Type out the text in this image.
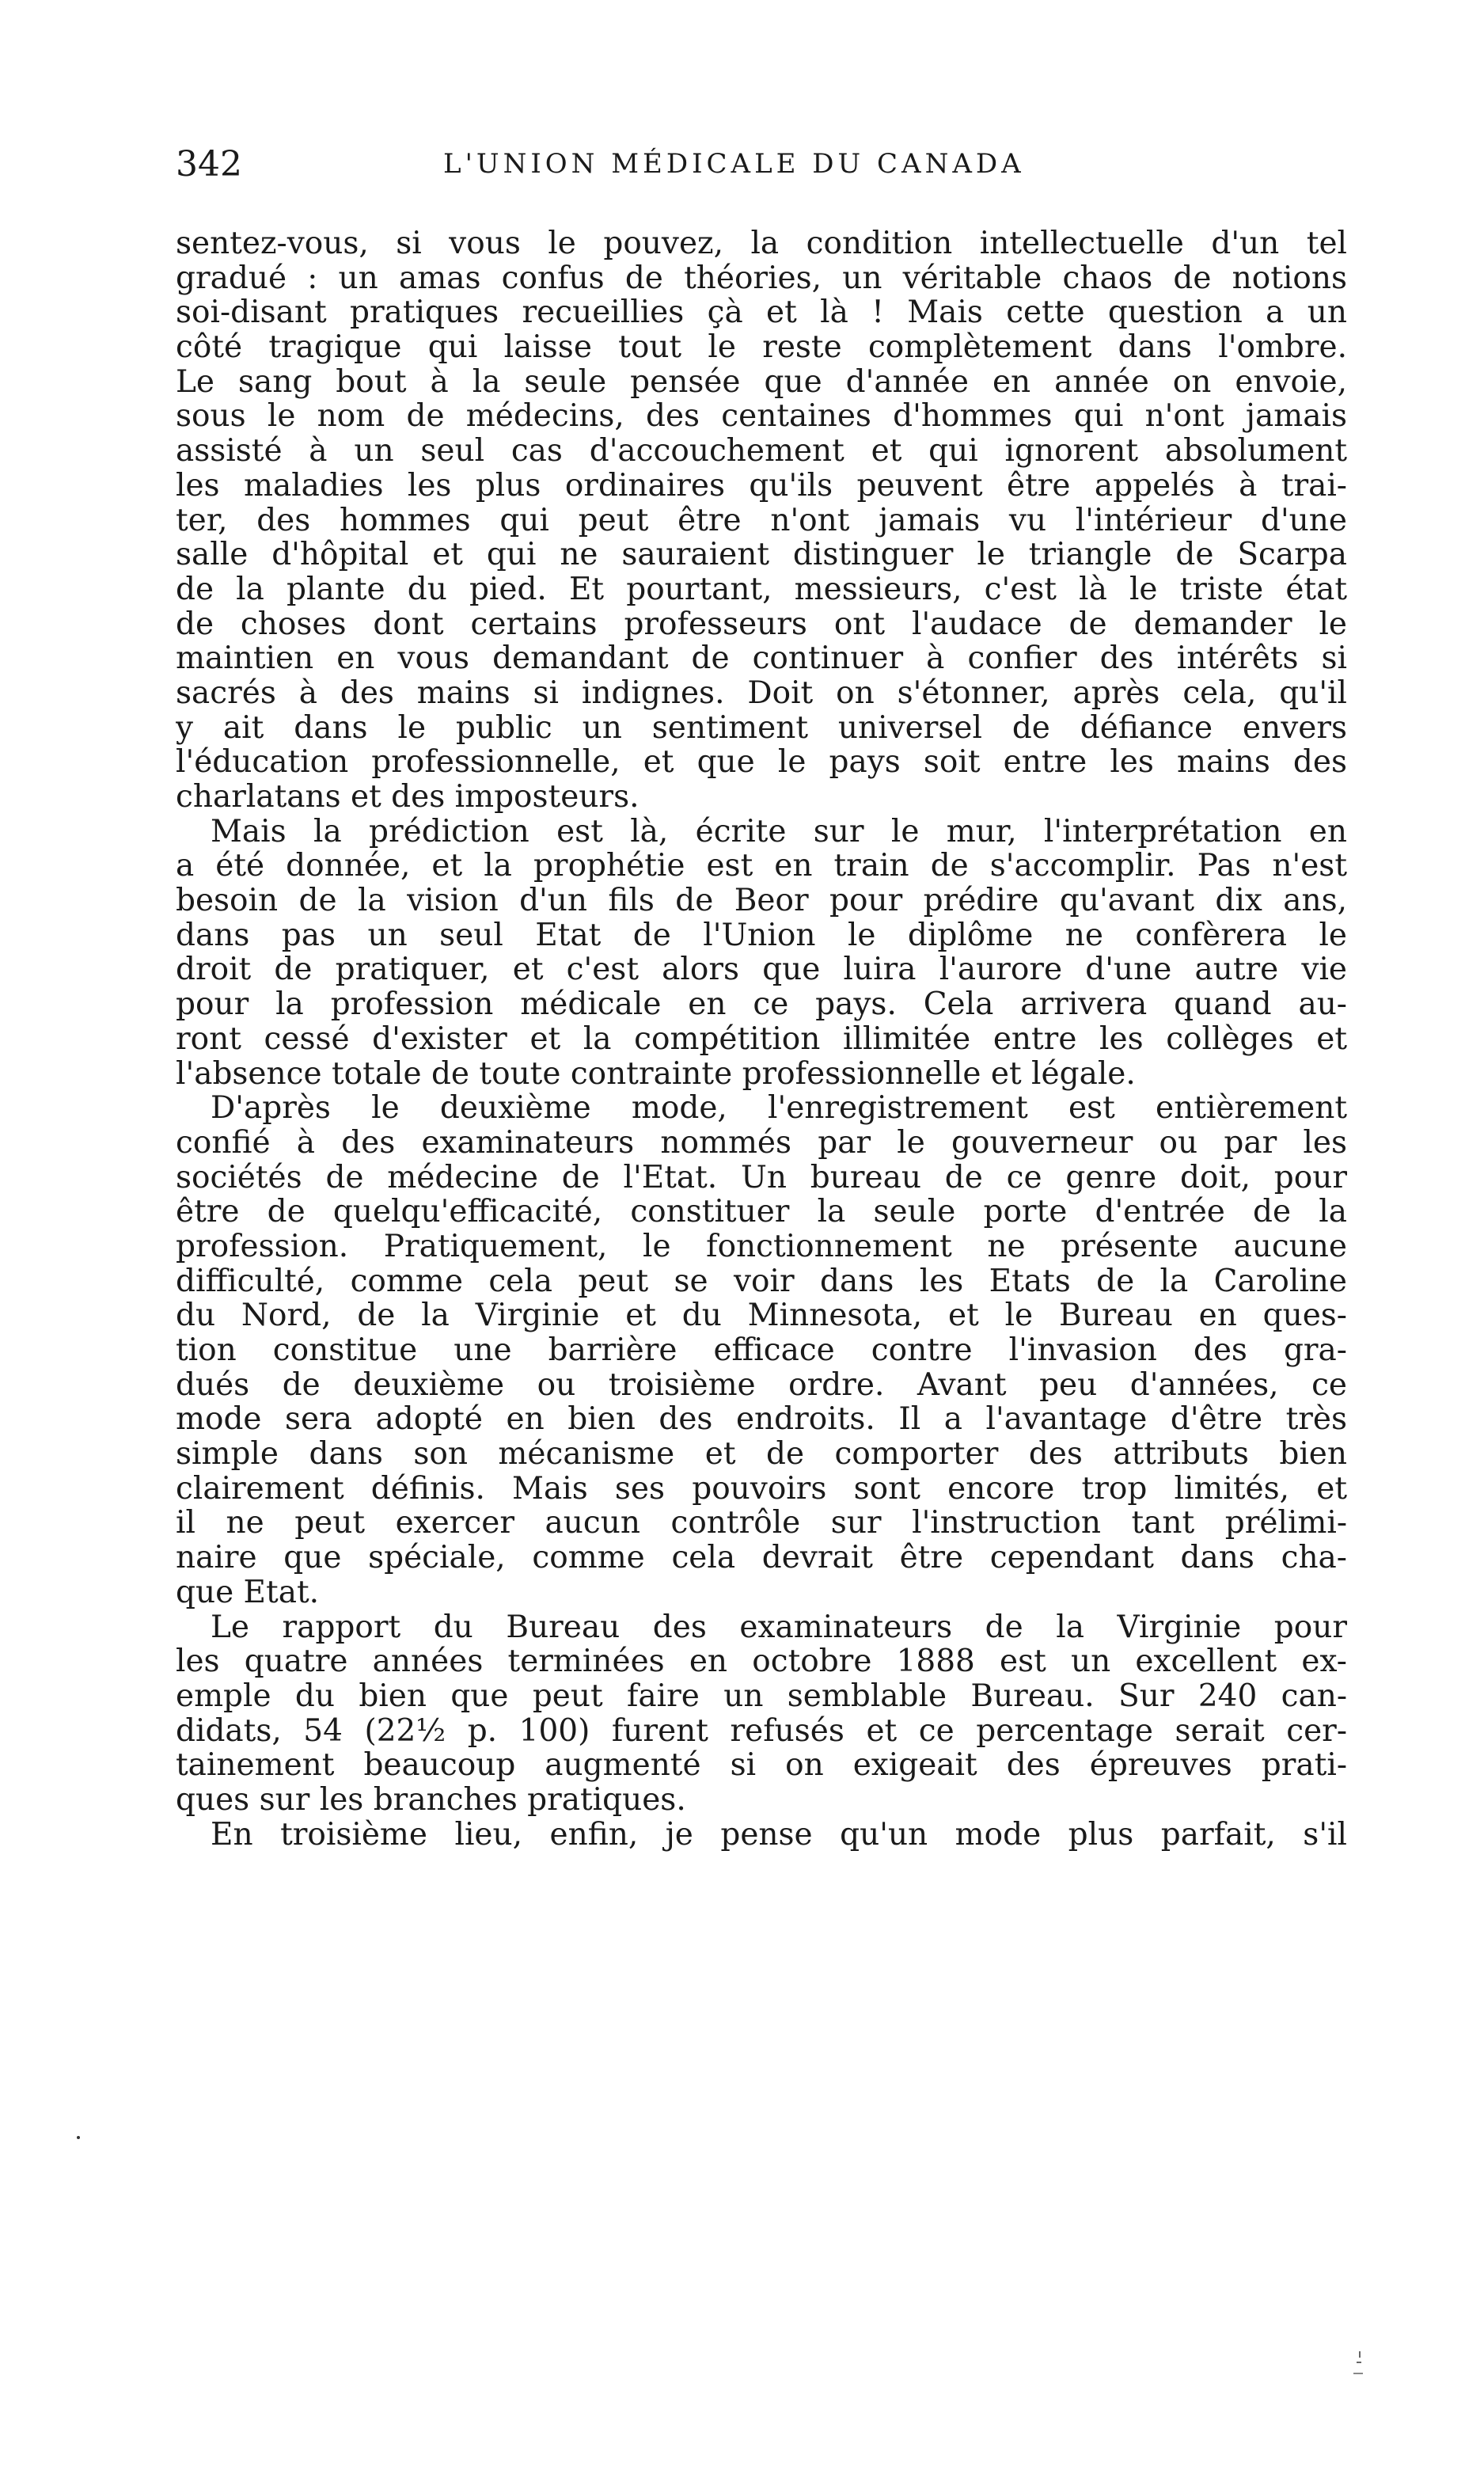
342	L'UNION MÉDICALE DU CANADA
sentez-vous, si vous le pouvez, la condition intellectuelle d'un tel
gradué : un amas confus de théories, un véritable chaos de notions
soi-disant pratiques recueillies çà et là ! Mais cette question a un
côté tragique qui laisse tout le reste complètement dans l'ombre.
Le sang bout à la seule pensée que d'année en année on envoie,
sous le nom de médecins, des centaines d'hommes qui n'ont jamais
assisté à un seul cas d'accouchement et qui ignorent absolument
les maladies les plus ordinaires qu'ils peuvent être appelés à trai-
ter, des hommes qui peut être n'ont jamais vu l'intérieur d'une
salle d'hôpital et qui ne sauraient distinguer le triangle de Scarpa
de la plante du pied. Et pourtant, messieurs, c'est là le triste état
de choses dont certains professeurs ont l'audace de demander le
maintien en vous demandant de continuer à confier des intérêts si
sacrés à des mains si indignes. Doit on s'étonner, après cela, qu'il
y ait dans le public un sentiment universel de défiance envers
l'éducation professionnelle, et que le pays soit entre les mains des
charlatans et des imposteurs.
Mais la prédiction est là, écrite sur le mur, l'interprétation en
a été donnée, et la prophétie est en train de s'accomplir. Pas n'est
besoin de la vision d'un fils de Beor pour prédire qu'avant dix ans,
dans pas un seul Etat de l'Union le diplôme ne confèrera le
droit de pratiquer, et c'est alors que luira l'aurore d'une autre vie
pour la profession médicale en ce pays. Cela arrivera quand au-
ront cessé d'exister et la compétition illimitée entre les collèges et
l'absence totale de toute contrainte professionnelle et légale.
D'après le deuxième mode, l'enregistrement est entièrement
confié à des examinateurs nommés par le gouverneur ou par les
sociétés de médecine de l'Etat. Un bureau de ce genre doit, pour
être de quelqu'efficacité, constituer la seule porte d'entrée de la
profession. Pratiquement, le fonctionnement ne présente aucune
difficulté, comme cela peut se voir dans les Etats de la Caroline
du Nord, de la Virginie et du Minnesota, et le Bureau en ques-
tion constitue une barrière efficace contre l'invasion des gra-
dués de deuxième ou troisième ordre. Avant peu d'années, ce
mode sera adopté en bien des endroits. Il a l'avantage d'être très
simple dans son mécanisme et de comporter des attributs bien
clairement définis. Mais ses pouvoirs sont encore trop limités, et
il ne peut exercer aucun contrôle sur l'instruction tant prélimi-
naire que spéciale, comme cela devrait être cependant dans cha-
que Etat.
Le rapport du Bureau des examinateurs de la Virginie pour
les quatre années terminées en octobre 1888 est un excellent ex-
emple du bien que peut faire un semblable Bureau. Sur 240 can-
didats, 54 (22½ p. 100) furent refusés et ce percentage serait cer-
tainement beaucoup augmenté si on exigeait des épreuves prati-
ques sur les branches pratiques.
En troisième lieu, enfin, je pense qu'un mode plus parfait, s'il
